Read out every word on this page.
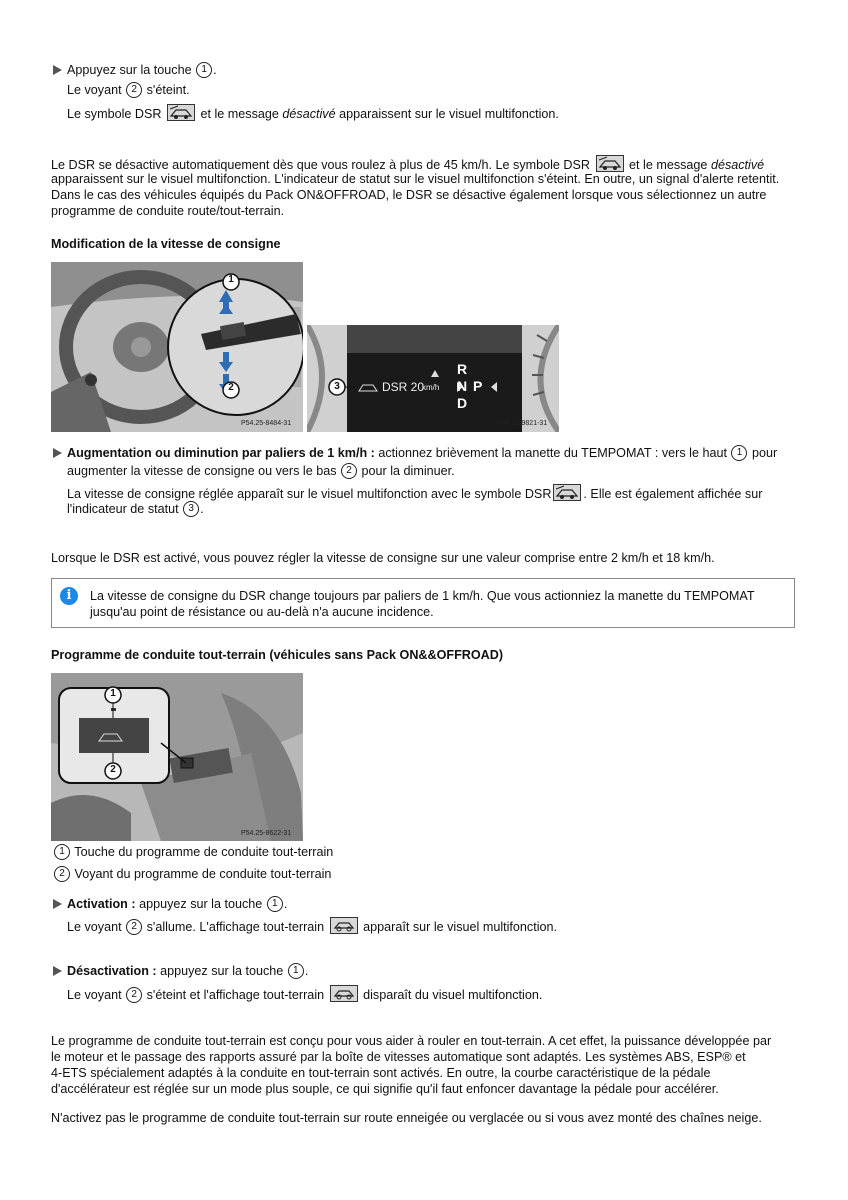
Appuyez sur la touche 1 .
Le voyant 2 s'éteint.
Le symbole DSR	et le message désactivé apparaissent sur le visuel multifonction.
Le DSR se désactive automatiquement dès que vous roulez à plus de 45 km/h. Le symbole DSR	et le message désactivé
apparaissent sur le visuel multifonction. L'indicateur de statut sur le visuel multifonction s'éteint. En outre, un signal d'alerte retentit.
Dans le cas des véhicules équipés du Pack ON&OFFROAD, le DSR se désactive également lorsque vous sélectionnez un autre
programme de conduite route/tout-terrain.
Modification de la vitesse de consigne
1
2
P54.25-8484-31
3	DSR 20
km/h
R
N P
D
P54.32-9821-31
Augmentation ou diminution par paliers de 1 km/h : actionnez brièvement la manette du TEMPOMAT : vers le haut 1 pour
augmenter la vitesse de consigne ou vers le bas 2 pour la diminuer.
La vitesse de consigne réglée apparaît sur le visuel multifonction avec le symbole DSR	. Elle est également affichée sur
l'indicateur de statut 3 .
Lorsque le DSR est activé, vous pouvez régler la vitesse de consigne sur une valeur comprise entre 2 km/h et 18 km/h.
i	La vitesse de consigne du DSR change toujours par paliers de 1 km/h. Que vous actionniez la manette du TEMPOMAT
jusqu'au point de résistance ou au-delà n'a aucune incidence.
Programme de conduite tout-terrain (véhicules sans Pack ON&&OFFROAD)
1
2
P54.25-8622-31
1 Touche du programme de conduite tout-terrain
2 Voyant du programme de conduite tout-terrain
Activation : appuyez sur la touche 1 .
Le voyant 2 s'allume. L'affichage tout-terrain	apparaît sur le visuel multifonction.
Désactivation : appuyez sur la touche 1 .
Le voyant 2 s'éteint et l'affichage tout-terrain	disparaît du visuel multifonction.
Le programme de conduite tout-terrain est conçu pour vous aider à rouler en tout-terrain. A cet effet, la puissance développée par
le moteur et le passage des rapports assuré par la boîte de vitesses automatique sont adaptés. Les systèmes ABS, ESP® et
4-ETS spécialement adaptés à la conduite en tout-terrain sont activés. En outre, la courbe caractéristique de la pédale
d'accélérateur est réglée sur un mode plus souple, ce qui signifie qu'il faut enfoncer davantage la pédale pour accélérer.
N'activez pas le programme de conduite tout-terrain sur route enneigée ou verglacée ou si vous avez monté des chaînes neige.
